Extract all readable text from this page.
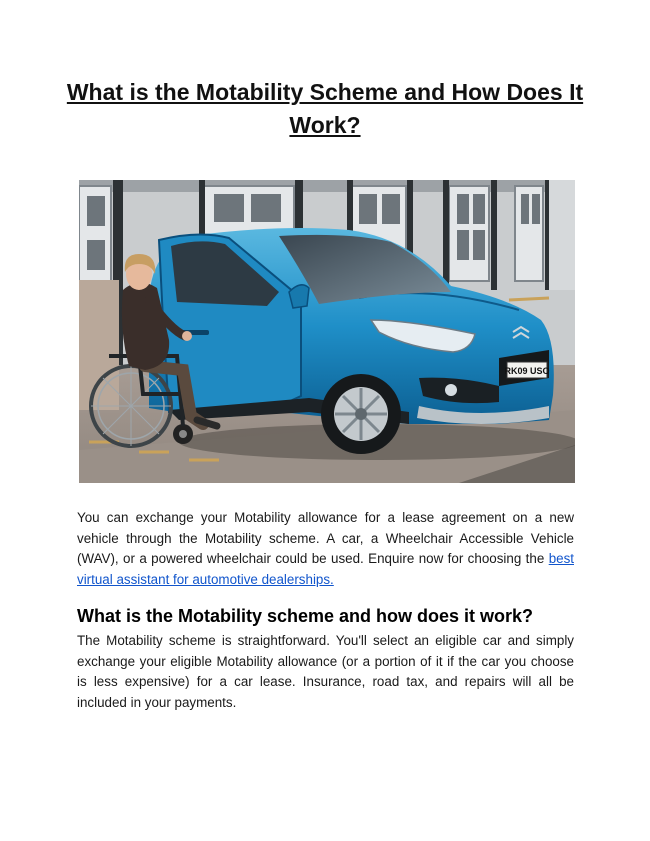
What is the Motability Scheme and How Does It Work?
RK09 USO

You can exchange your Motability allowance for a lease agreement on a new vehicle through the Motability scheme. A car, a Wheelchair Accessible Vehicle (WAV), or a powered wheelchair could be used. Enquire now for choosing the best virtual assistant for automotive dealerships.

What is the Motability scheme and how does it work?

The Motability scheme is straightforward. You'll select an eligible car and simply exchange your eligible Motability allowance (or a portion of it if the car you choose is less expensive) for a car lease. Insurance, road tax, and repairs will all be included in your payments.
